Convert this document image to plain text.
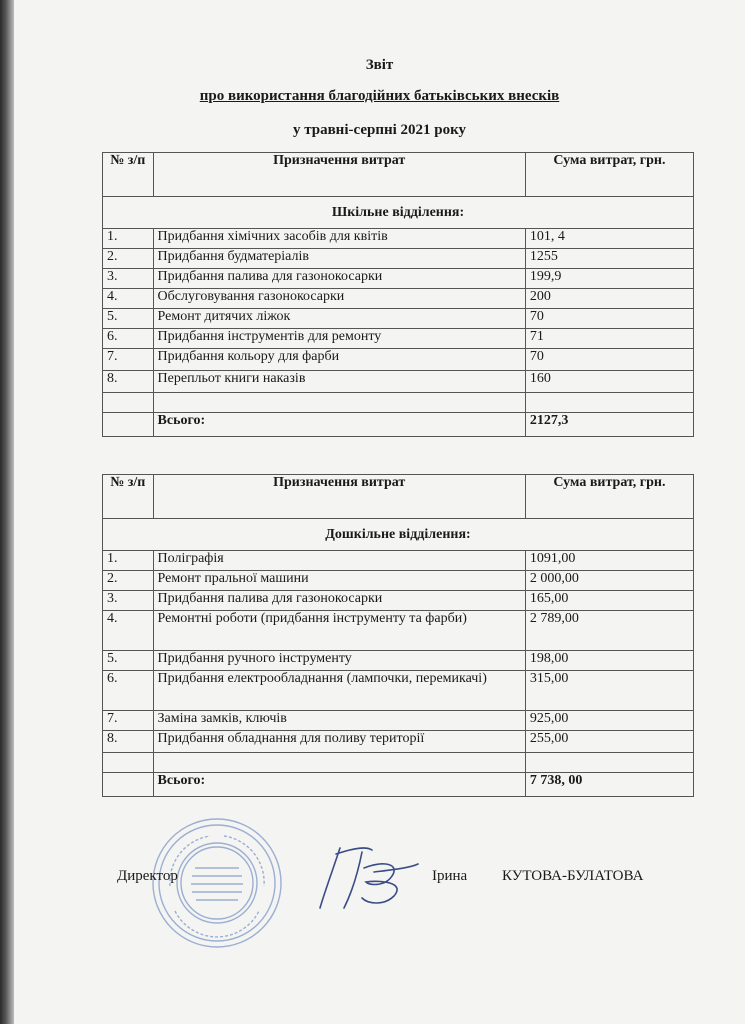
Звіт
про використання благодійних батьківських внесків
у травні-серпні 2021 року
№ з/п	Призначення витрат	Сума витрат, грн.
Шкільне відділення:		
1.	Придбання хімічних засобів для квітів	101, 4
2.	Придбання будматеріалів	1255
3.	Придбання палива для газонокосарки	199,9
4.	Обслуговування газонокосарки	200
5.	Ремонт дитячих ліжок	70
6.	Придбання інструментів для ремонту	71
7.	Придбання кольору для фарби	70
8.	Перепльот книги наказів	160

	Всього:	2127,3
№ з/п	Призначення витрат	Сума витрат, грн.
Дошкільне відділення:		
1.	Поліграфія	1091,00
2.	Ремонт пральної машини	2 000,00
3.	Придбання палива для газонокосарки	165,00
4.	Ремонтні роботи (придбання інструменту та фарби)	2 789,00
5.	Придбання ручного інструменту	198,00
6.	Придбання електрообладнання (лампочки, перемикачі)	315,00
7.	Заміна замків, ключів	925,00
8.	Придбання обладнання для поливу території	255,00

	Всього:	7 738, 00
Директор	Ірина КУТОВА-БУЛАТОВА
